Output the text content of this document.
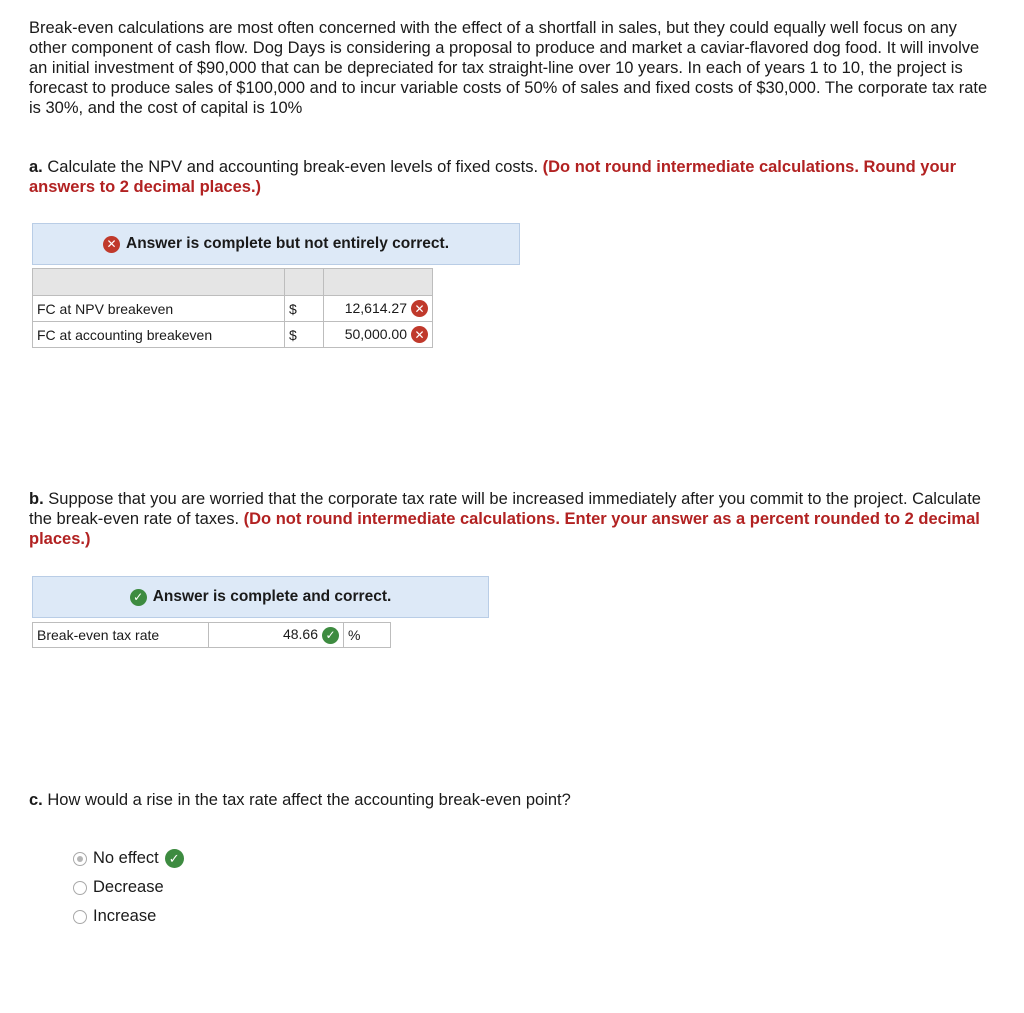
Break-even calculations are most often concerned with the effect of a shortfall in sales, but they could equally well focus on any other component of cash flow. Dog Days is considering a proposal to produce and market a caviar-flavored dog food. It will involve an initial investment of $90,000 that can be depreciated for tax straight-line over 10 years. In each of years 1 to 10, the project is forecast to produce sales of $100,000 and to incur variable costs of 50% of sales and fixed costs of $30,000. The corporate tax rate is 30%, and the cost of capital is 10%

a. Calculate the NPV and accounting break-even levels of fixed costs. (Do not round intermediate calculations. Round your answers to 2 decimal places.)

✕ Answer is complete but not entirely correct.

FC at NPV breakeven	$	12,614.27 ✕
FC at accounting breakeven	$	50,000.00 ✕

b. Suppose that you are worried that the corporate tax rate will be increased immediately after you commit to the project. Calculate the break-even rate of taxes. (Do not round intermediate calculations. Enter your answer as a percent rounded to 2 decimal places.)

✓ Answer is complete and correct.
Break-even tax rate	48.66 ✓	%

c. How would a rise in the tax rate affect the accounting break-even point?

No effect ✓
Decrease
Increase
